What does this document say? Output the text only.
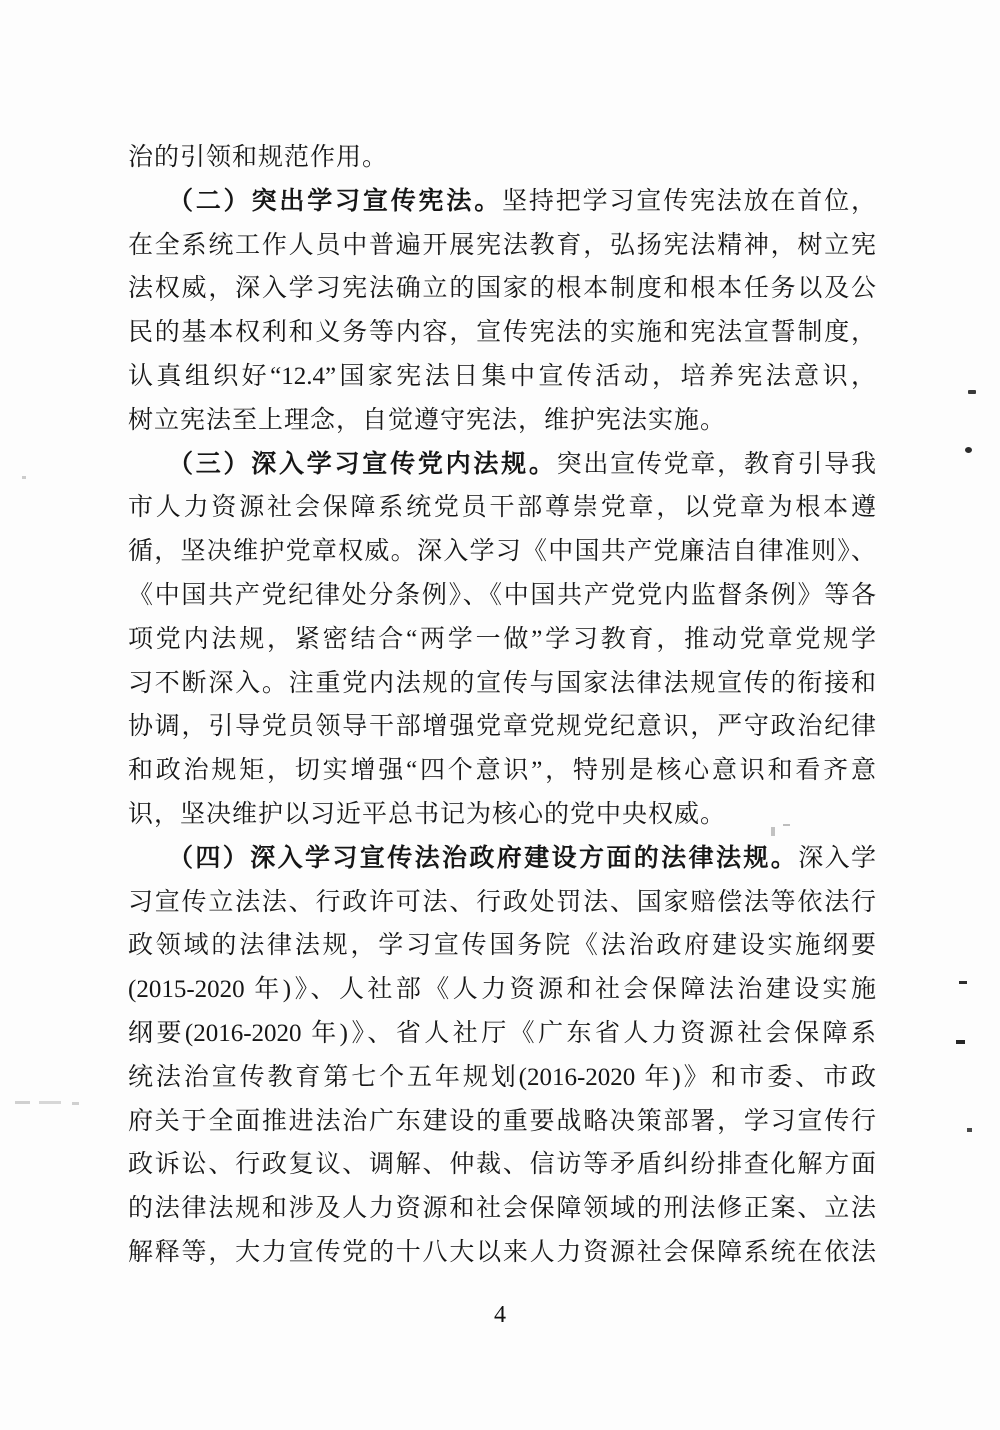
治的引领和规范作用。
（二）突出学习宣传宪法。坚持把学习宣传宪法放在首位，
在全系统工作人员中普遍开展宪法教育，弘扬宪法精神，树立宪
法权威，深入学习宪法确立的国家的根本制度和根本任务以及公
民的基本权利和义务等内容，宣传宪法的实施和宪法宣誓制度，
认真组织好“12.4”国家宪法日集中宣传活动，培养宪法意识，
树立宪法至上理念，自觉遵守宪法，维护宪法实施。
（三）深入学习宣传党内法规。突出宣传党章，教育引导我
市人力资源社会保障系统党员干部尊崇党章，以党章为根本遵
循，坚决维护党章权威。深入学习《中国共产党廉洁自律准则》、
《中国共产党纪律处分条例》、《中国共产党党内监督条例》等各
项党内法规，紧密结合“两学一做”学习教育，推动党章党规学
习不断深入。注重党内法规的宣传与国家法律法规宣传的衔接和
协调，引导党员领导干部增强党章党规党纪意识，严守政治纪律
和政治规矩，切实增强“四个意识”，特别是核心意识和看齐意
识，坚决维护以习近平总书记为核心的党中央权威。
（四）深入学习宣传法治政府建设方面的法律法规。深入学
习宣传立法法、行政许可法、行政处罚法、国家赔偿法等依法行
政领域的法律法规，学习宣传国务院《法治政府建设实施纲要
(2015-2020 年)》、人社部《人力资源和社会保障法治建设实施
纲要(2016-2020 年)》、省人社厅《广东省人力资源社会保障系
统法治宣传教育第七个五年规划(2016-2020 年)》和市委、市政
府关于全面推进法治广东建设的重要战略决策部署，学习宣传行
政诉讼、行政复议、调解、仲裁、信访等矛盾纠纷排查化解方面
的法律法规和涉及人力资源和社会保障领域的刑法修正案、立法
解释等，大力宣传党的十八大以来人力资源社会保障系统在依法
4
